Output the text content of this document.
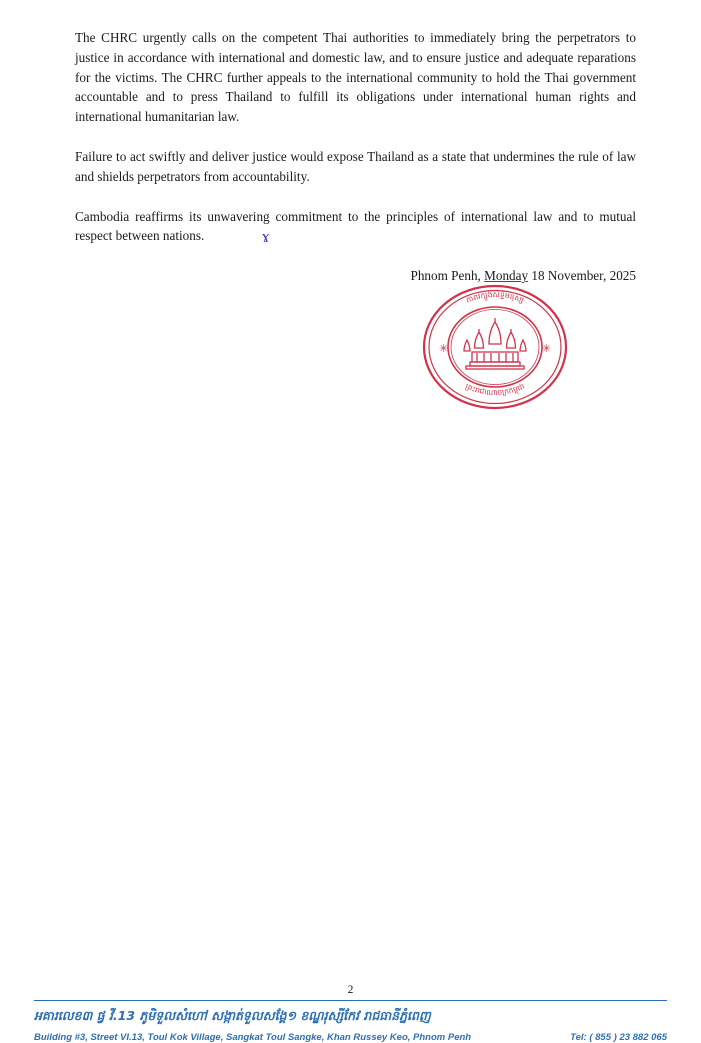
The CHRC urgently calls on the competent Thai authorities to immediately bring the perpetrators to justice in accordance with international and domestic law, and to ensure justice and adequate reparations for the victims. The CHRC further appeals to the international community to hold the Thai government accountable and to press Thailand to fulfill its obligations under international human rights and international humanitarian law.

Failure to act swiftly and deliver justice would expose Thailand as a state that undermines the rule of law and shields perpetrators from accountability.

Cambodia reaffirms its unwavering commitment to the principles of international law and to mutual respect between nations.	ɤ
Phnom Penh, Monday 18 November, 2025
✳	✳
ភាពរក្សួងសិទ្ធិមនុស្ស
ព្រះរាជាណាចក្រកម្ពុជា
អគារលេខ៣ ផ្វ វី.13 ភូមិទួលសំហៅ សង្កាត់ទួលសង្គែ១ ខណ្ឌរុស្សីកែវ រាជធានីភ្នំពេញ
Building #3, Street VI.13, Toul Kok Village, Sangkat Toul Sangke, Khan Russey Keo, Phnom Penh	Tel: ( 855 ) 23 882 065
2
